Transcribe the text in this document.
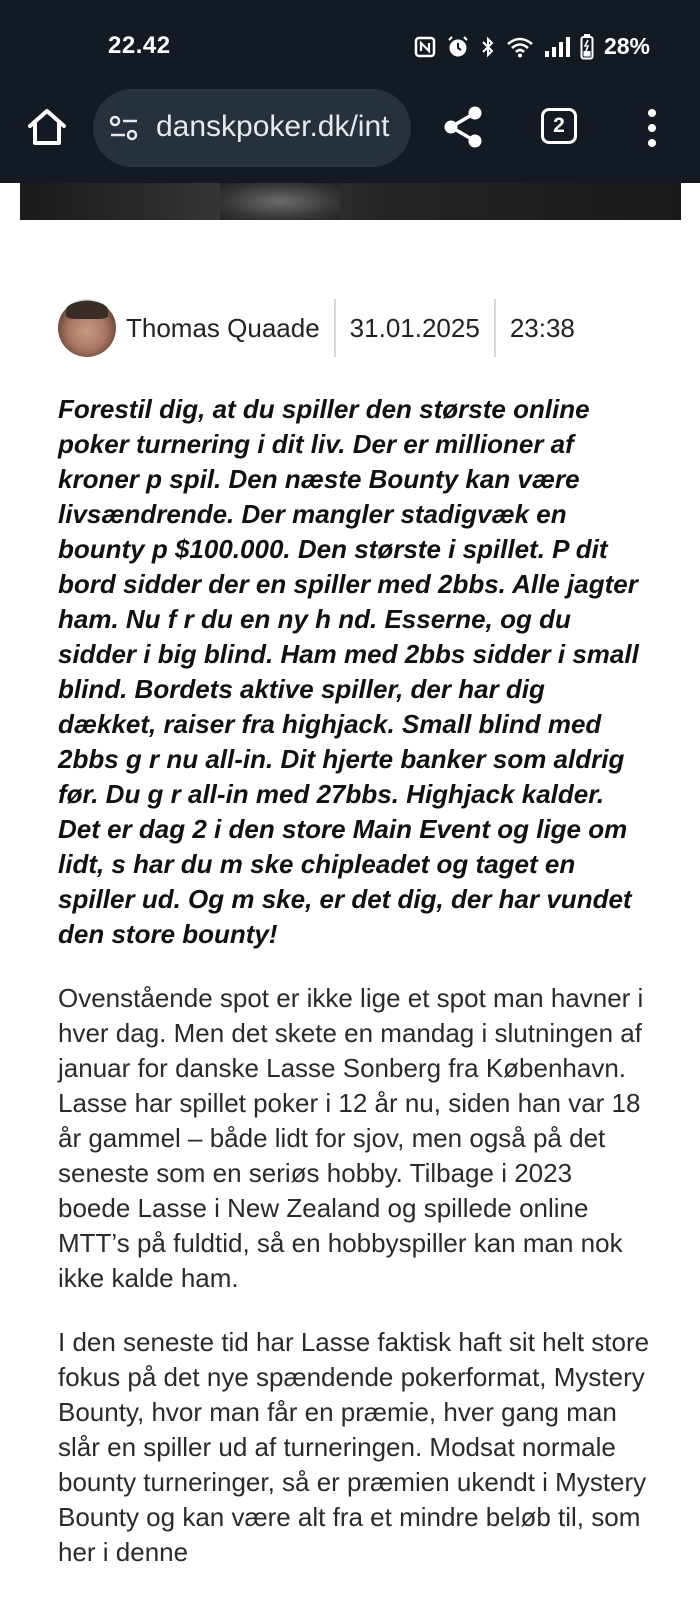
22.42	28%
danskpoker.dk/int	2
Thomas Quaade 31.01.2025 23:38

Forestil dig, at du spiller den største online poker turnering i dit liv. Der er millioner af kroner p spil. Den næste Bounty kan være livsændrende. Der mangler stadigvæk en bounty p $100.000. Den største i spillet. P dit bord sidder der en spiller med 2bbs. Alle jagter ham. Nu f r du en ny h nd. Esserne, og du sidder i big blind. Ham med 2bbs sidder i small blind. Bordets aktive spiller, der har dig dækket, raiser fra highjack. Small blind med 2bbs g r nu all-in. Dit hjerte banker som aldrig før. Du g r all-in med 27bbs. Highjack kalder. Det er dag 2 i den store Main Event og lige om lidt, s har du m ske chipleadet og taget en spiller ud. Og m ske, er det dig, der har vundet den store bounty!

Ovenstående spot er ikke lige et spot man havner i hver dag. Men det skete en mandag i slutningen af januar for danske Lasse Sonberg fra København. Lasse har spillet poker i 12 år nu, siden han var 18 år gammel – både lidt for sjov, men også på det seneste som en seriøs hobby. Tilbage i 2023 boede Lasse i New Zealand og spillede online MTT’s på fuldtid, så en hobbyspiller kan man nok ikke kalde ham.

I den seneste tid har Lasse faktisk haft sit helt store fokus på det nye spændende pokerformat, Mystery Bounty, hvor man får en præmie, hver gang man slår en spiller ud af turneringen. Modsat normale bounty turneringer, så er præmien ukendt i Mystery Bounty og kan være alt fra et mindre beløb til, som her i denne
